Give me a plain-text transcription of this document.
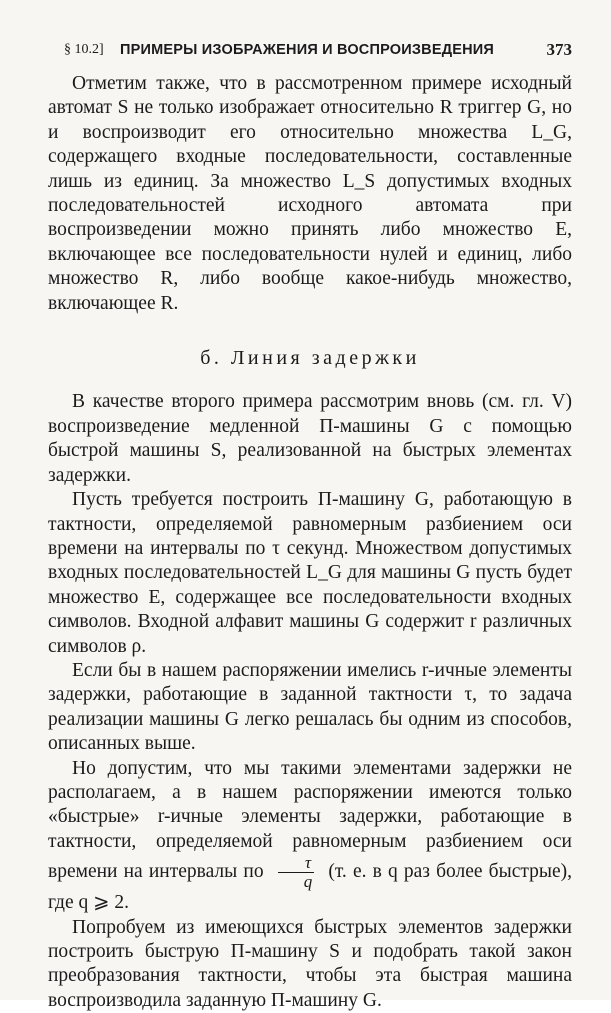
§ 10.2] ПРИМЕРЫ ИЗОБРАЖЕНИЯ И ВОСПРОИЗВЕДЕНИЯ	373

Отметим также, что в рассмотренном примере исходный автомат S не только изображает относительно R триггер G, но и воспроизводит его относительно множества L_G, содержащего входные последовательности, составленные лишь из единиц. За множество L_S допустимых входных последовательностей исходного автомата при воспроизведении можно принять либо множество E, включающее все последовательности нулей и единиц, либо множество R, либо вообще какое-нибудь множество, включающее R.

б. Линия задержки

В качестве второго примера рассмотрим вновь (см. гл. V) воспроизведение медленной П-машины G с помощью быстрой машины S, реализованной на быстрых элементах задержки.

Пусть требуется построить П-машину G, работающую в тактности, определяемой равномерным разбиением оси времени на интервалы по τ секунд. Множеством допустимых входных последовательностей L_G для машины G пусть будет множество E, содержащее все последовательности входных символов. Входной алфавит машины G содержит r различных символов ρ.

Если бы в нашем распоряжении имелись r-ичные элементы задержки, работающие в заданной тактности τ, то задача реализации машины G легко решалась бы одним из способов, описанных выше.

Но допустим, что мы такими элементами задержки не располагаем, а в нашем распоряжении имеются только «быстрые» r-ичные элементы задержки, работающие в тактности, определяемой равномерным разбиением оси времени на интервалы по $\frac{\tau}{q} (т$. е. в q раз более быстрые), где q ⩾ 2.

Попробуем из имеющихся быстрых элементов задержки построить быструю П-машину S и подобрать такой закон преобразования тактности, чтобы эта быстрая машина воспроизводила заданную П-машину G.
